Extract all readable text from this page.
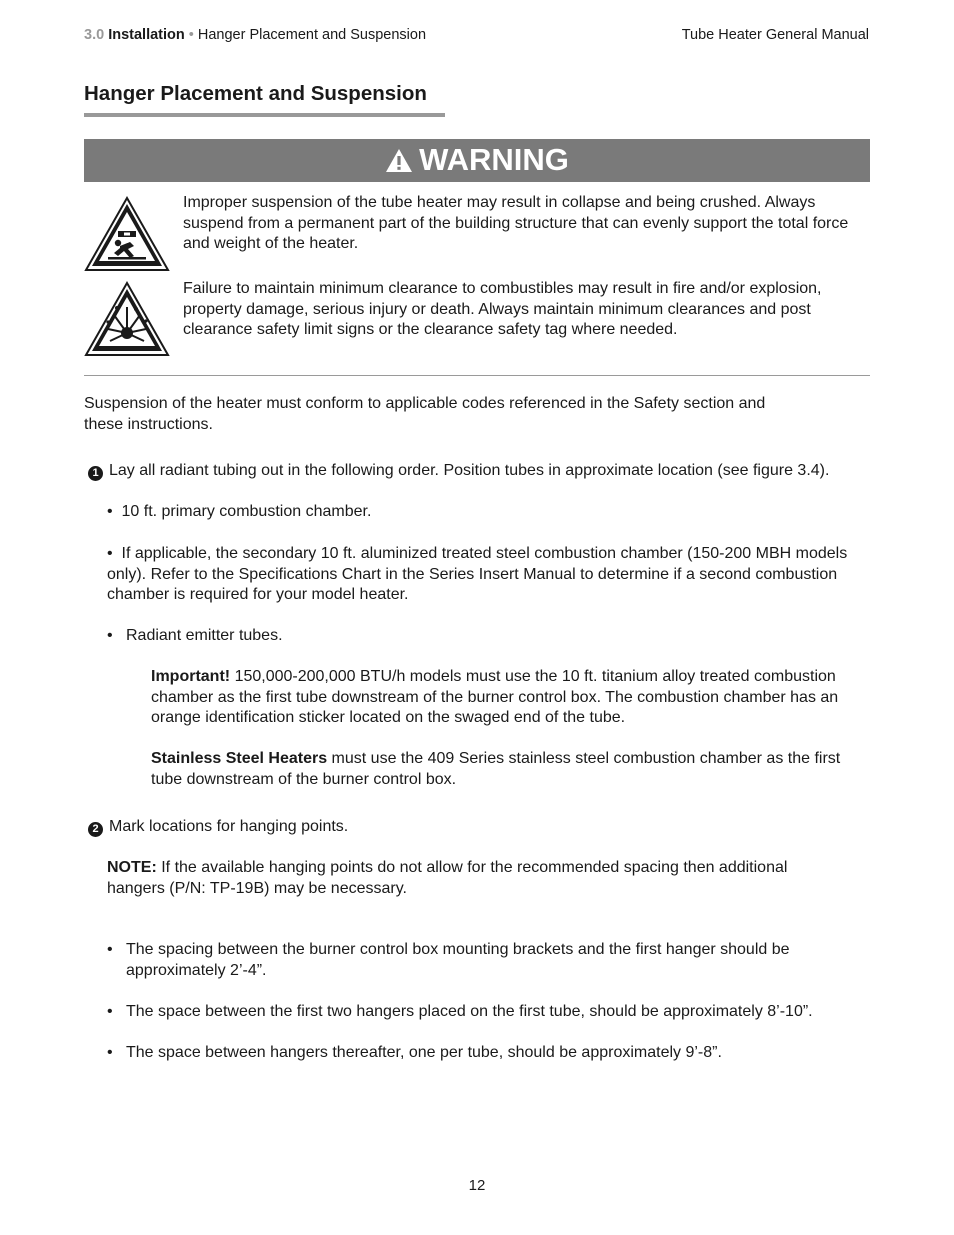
3.0 Installation • Hanger Placement and Suspension	Tube Heater General Manual
Hanger Placement and Suspension
WARNING
Improper suspension of the tube heater may result in collapse and being crushed. Always suspend from a permanent part of the building structure that can evenly support the total force and weight of the heater.
Failure to maintain minimum clearance to combustibles may result in fire and/or explosion, property damage, serious injury or death. Always maintain minimum clearances and post clearance safety limit signs or the clearance safety tag where needed.
Suspension of the heater must conform to applicable codes referenced in the Safety section and these instructions.
1 Lay all radiant tubing out in the following order. Position tubes in approximate location (see figure 3.4).
• 10 ft. primary combustion chamber.
• If applicable, the secondary 10 ft. aluminized treated steel combustion chamber (150-200 MBH models only). Refer to the Specifications Chart in the Series Insert Manual to determine if a second combustion chamber is required for your model heater.
• Radiant emitter tubes.
Important! 150,000-200,000 BTU/h models must use the 10 ft. titanium alloy treated combustion chamber as the first tube downstream of the burner control box. The combustion chamber has an orange identification sticker located on the swaged end of the tube.
Stainless Steel Heaters must use the 409 Series stainless steel combustion chamber as the first tube downstream of the burner control box.
2 Mark locations for hanging points.
NOTE: If the available hanging points do not allow for the recommended spacing then additional hangers (P/N: TP-19B) may be necessary.
• The spacing between the burner control box mounting brackets and the first hanger should be approximately 2’-4”.
• The space between the first two hangers placed on the first tube, should be approximately 8’-10”.
• The space between hangers thereafter, one per tube, should be approximately 9’-8”.
12
